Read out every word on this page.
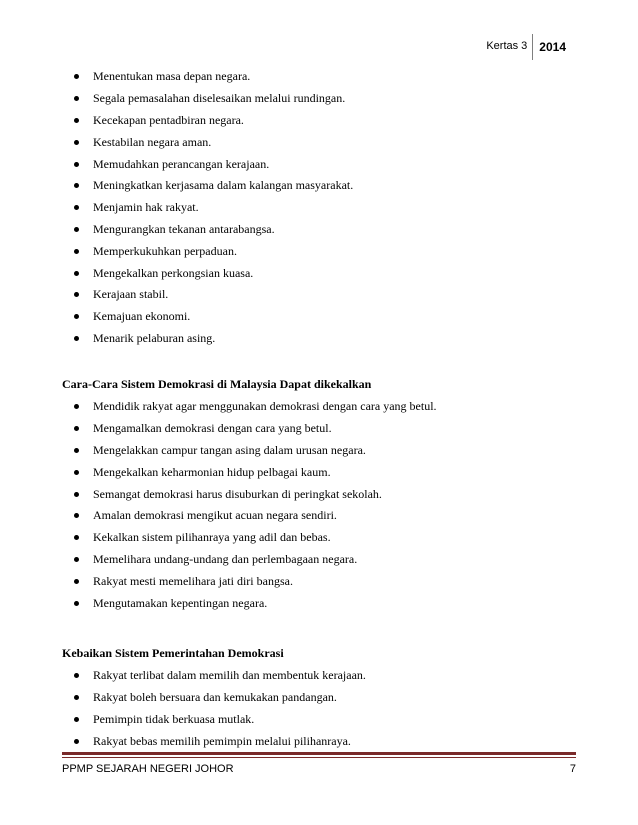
Kertas 3	2014
Menentukan masa depan negara.
Segala pemasalahan diselesaikan melalui rundingan.
Kecekapan pentadbiran negara.
Kestabilan negara aman.
Memudahkan perancangan kerajaan.
Meningkatkan kerjasama dalam kalangan masyarakat.
Menjamin hak rakyat.
Mengurangkan tekanan antarabangsa.
Memperkukuhkan perpaduan.
Mengekalkan perkongsian kuasa.
Kerajaan stabil.
Kemajuan ekonomi.
Menarik pelaburan asing.
Cara-Cara Sistem Demokrasi di Malaysia Dapat dikekalkan
Mendidik rakyat agar menggunakan demokrasi dengan cara yang betul.
Mengamalkan demokrasi dengan cara yang betul.
Mengelakkan campur tangan asing dalam urusan negara.
Mengekalkan keharmonian hidup pelbagai kaum.
Semangat demokrasi harus disuburkan di peringkat sekolah.
Amalan demokrasi mengikut acuan negara sendiri.
Kekalkan sistem pilihanraya yang adil dan bebas.
Memelihara undang-undang dan perlembagaan negara.
Rakyat mesti memelihara jati diri bangsa.
Mengutamakan kepentingan negara.
Kebaikan Sistem Pemerintahan Demokrasi
Rakyat terlibat dalam memilih dan membentuk kerajaan.
Rakyat boleh bersuara dan kemukakan pandangan.
Pemimpin tidak berkuasa mutlak.
Rakyat bebas memilih pemimpin melalui pilihanraya.
PPMP SEJARAH NEGERI JOHOR	7
